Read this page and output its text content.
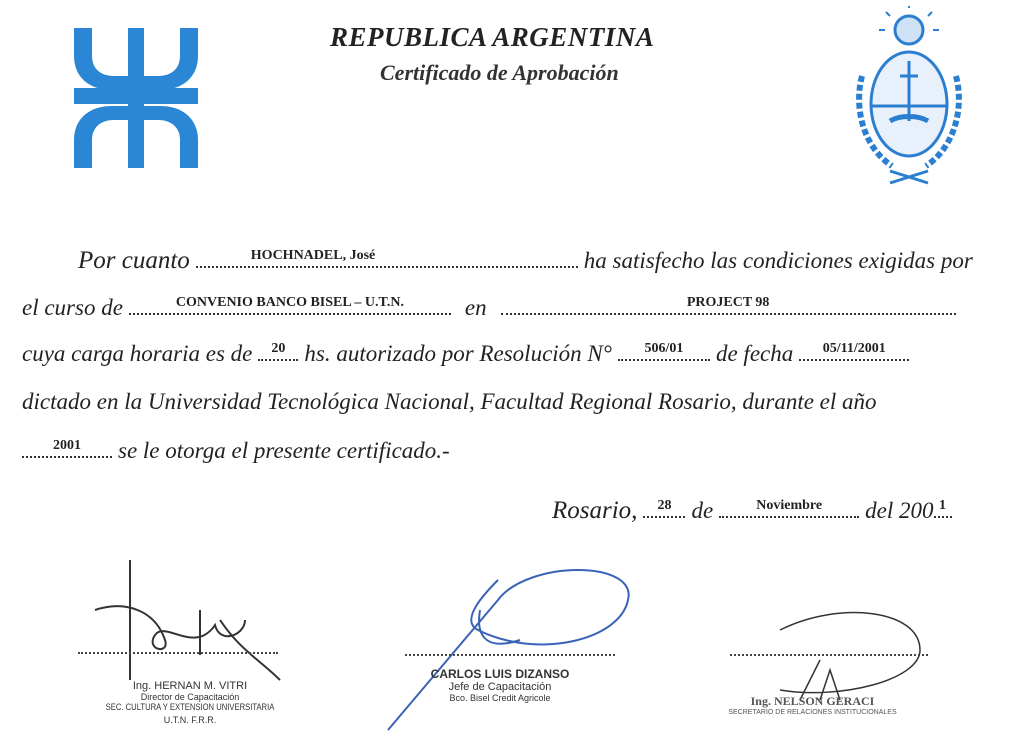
REPUBLICA ARGENTINA
Certificado de Aprobación
Por cuanto	HOCHNADEL, José	ha satisfecho las condiciones exigidas por
el curso de	CONVENIO BANCO BISEL – U.T.N.	en	PROJECT 98
cuya carga horaria es de	20 hs. autorizado por Resolución N°	506/01	de fecha	05/11/2001
dictado en la Universidad Tecnológica Nacional, Facultad Regional Rosario, durante el año
2001	se le otorga el presente certificado.-
Rosario,	28 de	Noviembre	del 200 1
Ing. HERNAN M. VITRI
Director de Capacitación
SEC. CULTURA Y EXTENSION UNIVERSITARIA
U.T.N. F.R.R.
CARLOS LUIS DIZANSO
Jefe de Capacitación
Bco. Bisel Credit Agricole	Ing. NELSON GERACI
SECRETARIO DE RELACIONES INSTITUCIONALES
